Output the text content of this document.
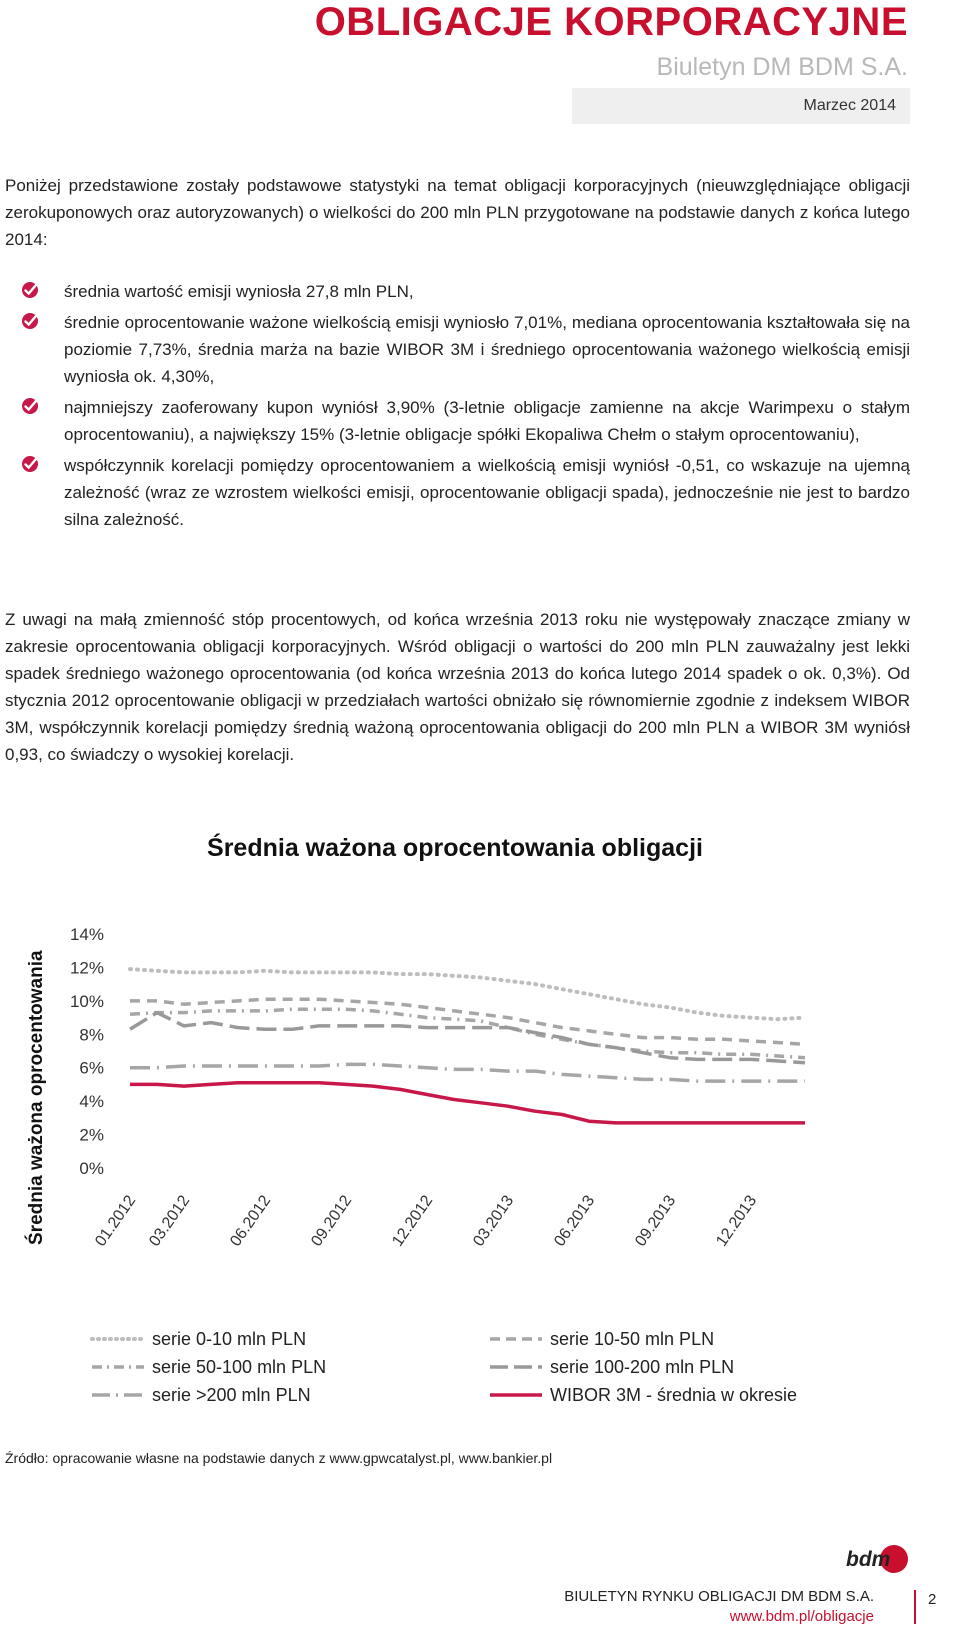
OBLIGACJE KORPORACYJNE
Biuletyn DM BDM S.A.
Marzec 2014

Poniżej przedstawione zostały podstawowe statystyki na temat obligacji korporacyjnych (nieuwzględniające obligacji zerokuponowych oraz autoryzowanych) o wielkości do 200 mln PLN przygotowane na podstawie danych z końca lutego 2014:

średnia wartość emisji wyniosła 27,8 mln PLN,
średnie oprocentowanie ważone wielkością emisji wyniosło 7,01%, mediana oprocentowania kształtowała się na poziomie 7,73%, średnia marża na bazie WIBOR 3M i średniego oprocentowania ważonego wielkością emisji wyniosła ok. 4,30%,
najmniejszy zaoferowany kupon wyniósł 3,90% (3-letnie obligacje zamienne na akcje Warimpexu o stałym oprocentowaniu), a największy 15% (3-letnie obligacje spółki Ekopaliwa Chełm o stałym oprocentowaniu),
współczynnik korelacji pomiędzy oprocentowaniem a wielkością emisji wyniósł -0,51, co wskazuje na ujemną zależność (wraz ze wzrostem wielkości emisji, oprocentowanie obligacji spada), jednocześnie nie jest to bardzo silna zależność.

Z uwagi na małą zmienność stóp procentowych, od końca września 2013 roku nie występowały znaczące zmiany w zakresie oprocentowania obligacji korporacyjnych. Wśród obligacji o wartości do 200 mln PLN zauważalny jest lekki spadek średniego ważonego oprocentowania (od końca września 2013 do końca lutego 2014 spadek o ok. 0,3%). Od stycznia 2012 oprocentowanie obligacji w przedziałach wartości obniżało się równomiernie zgodnie z indeksem WIBOR 3M, współczynnik korelacji pomiędzy średnią ważoną oprocentowania obligacji do 200 mln PLN a WIBOR 3M wyniósł 0,93, co świadczy o wysokiej korelacji.

Średnia ważona oprocentowania obligacji
Średnia ważona oprocentowania 0%
2%
4%
6%
8%
10%
12%
14%
01.2012 03.2012 06.2012 09.2012 12.2012 03.2013 06.2013 09.2013 12.2013
serie 0-10 mln PLN	serie 10-50 mln PLN
serie 50-100 mln PLN	serie 100-200 mln PLN
serie >200 mln PLN	WIBOR 3M - średnia w okresie
Źródło: opracowanie własne na podstawie danych z www.gpwcatalyst.pl, www.bankier.pl
bdm
BIULETYN RYNKU OBLIGACJI DM BDM S.A.
www.bdm.pl/obligacje
2
